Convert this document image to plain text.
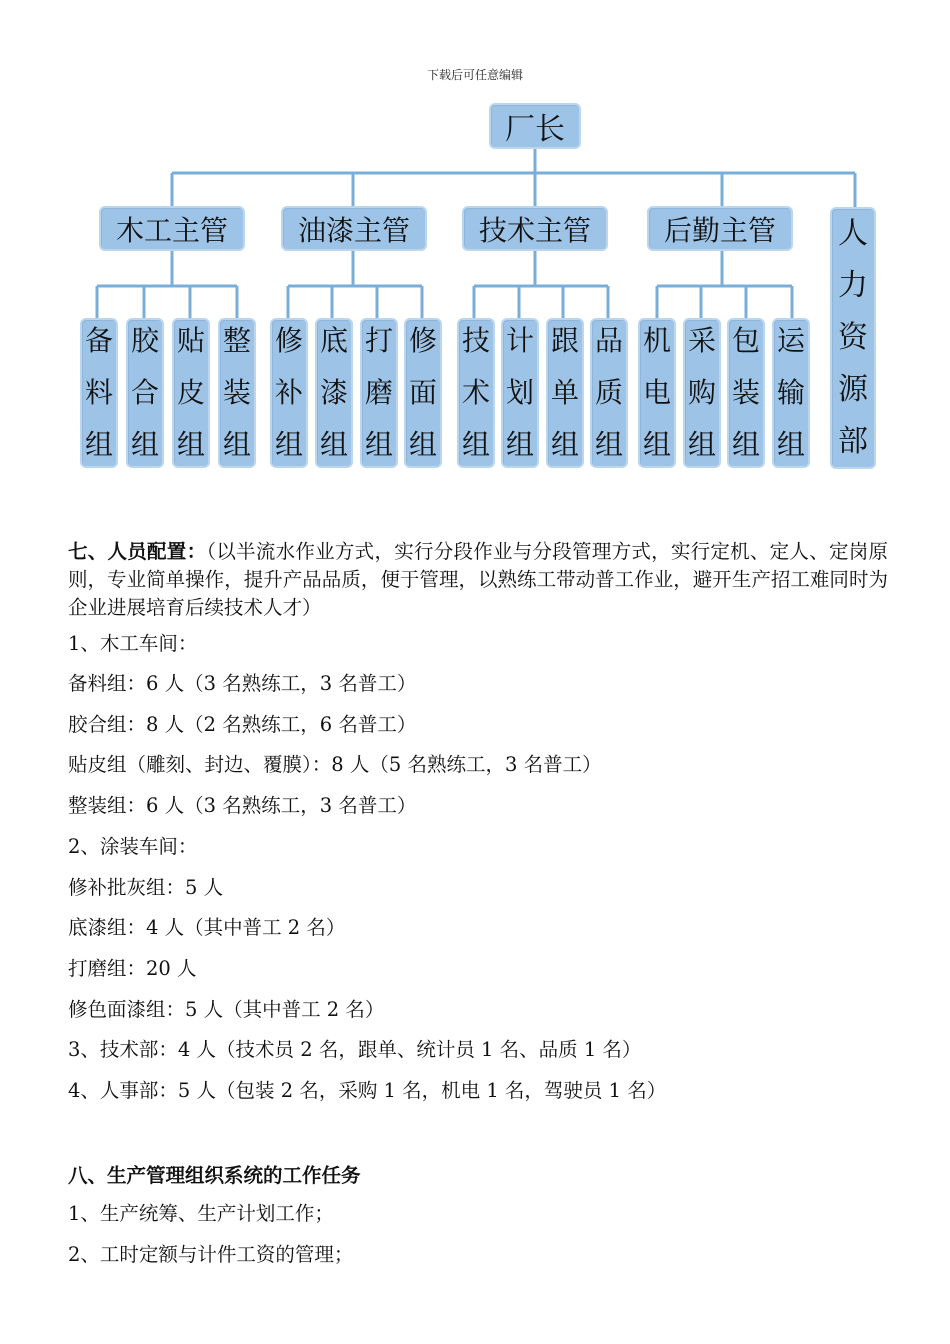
下载后可任意编辑
厂长
木工主管 油漆主管 技术主管	后勤主管 人
力
资
源
部
备
料
组
胶
合
组
贴
皮
组
整
装
组
修
补
组
底
漆
组
打
磨
组
修
面
组
技
术
组
计
划
组
跟
单
组
品
质
组
机
电
组
采
购
组
包
装
组
运
输
组
七、人员配置：（以半流水作业方式，实行分段作业与分段管理方式，实行定机、定人、定岗原则，专业简单操作，提升产品品质，便于管理，以熟练工带动普工作业，避开生产招工难同时为企业进展培育后续技术人才）
1、木工车间：
备料组：6 人（3 名熟练工，3 名普工）
胶合组：8 人（2 名熟练工，6 名普工）
贴皮组（雕刻、封边、覆膜）：8 人（5 名熟练工，3 名普工）
整装组：6 人（3 名熟练工，3 名普工）
2、涂装车间：
修补批灰组：5 人
底漆组：4 人（其中普工 2 名）
打磨组：20 人
修色面漆组：5 人（其中普工 2 名）
3、技术部：4 人（技术员 2 名，跟单、统计员 1 名、品质 1 名）
4、人事部：5 人（包装 2 名，采购 1 名，机电 1 名，驾驶员 1 名）
八、生产管理组织系统的工作任务
1、生产统筹、生产计划工作；
2、工时定额与计件工资的管理；
